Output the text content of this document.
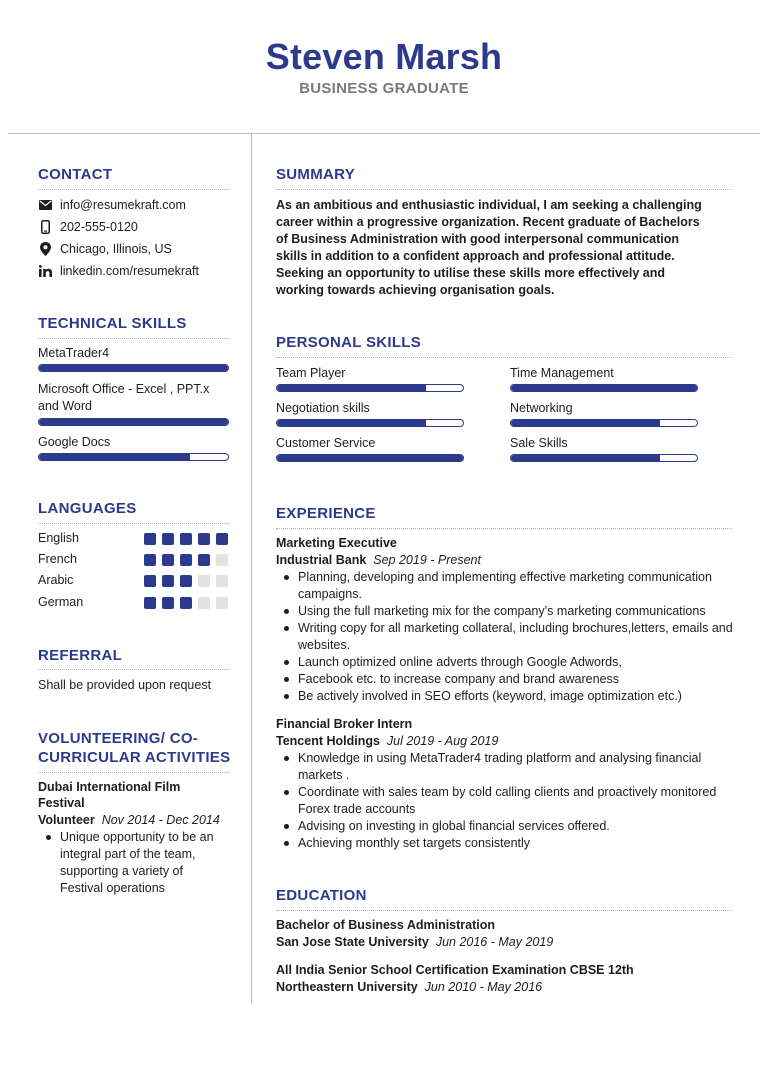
Steven Marsh
BUSINESS GRADUATE
CONTACT
info@resumekraft.com
202-555-0120
Chicago, Illinois, US
linkedin.com/resumekraft
TECHNICAL SKILLS
MetaTrader4
Microsoft Office - Excel , PPT.x
and Word
Google Docs
LANGUAGES
English
French
Arabic
German
REFERRAL
Shall be provided upon request
VOLUNTEERING/ CO-
CURRICULAR ACTIVITIES
Dubai International Film
Festival
Volunteer Nov 2014 - Dec 2014
Unique opportunity to be an
integral part of the team,
supporting a variety of
Festival operations
SUMMARY
As an ambitious and enthusiastic individual, I am seeking a challenging
career within a progressive organization. Recent graduate of Bachelors
of Business Administration with good interpersonal communication
skills in addition to a confident approach and professional attitude.
Seeking an opportunity to utilise these skills more effectively and
working towards achieving organisation goals.
PERSONAL SKILLS
Team Player	Time Management
Negotiation skills	Networking
Customer Service	Sale Skills
EXPERIENCE
Marketing Executive
Industrial Bank Sep 2019 - Present
Planning, developing and implementing effective marketing communication
campaigns.
Using the full marketing mix for the company’s marketing communications
Writing copy for all marketing collateral, including brochures,letters, emails and
websites.
Launch optimized online adverts through Google Adwords,
Facebook etc. to increase company and brand awareness
Be actively involved in SEO efforts (keyword, image optimization etc.)
Financial Broker Intern
Tencent Holdings Jul 2019 - Aug 2019
Knowledge in using MetaTrader4 trading platform and analysing financial
markets .
Coordinate with sales team by cold calling clients and proactively monitored
Forex trade accounts
Advising on investing in global financial services offered.
Achieving monthly set targets consistently
EDUCATION
Bachelor of Business Administration
San Jose State University Jun 2016 - May 2019
All India Senior School Certification Examination CBSE 12th
Northeastern University Jun 2010 - May 2016
